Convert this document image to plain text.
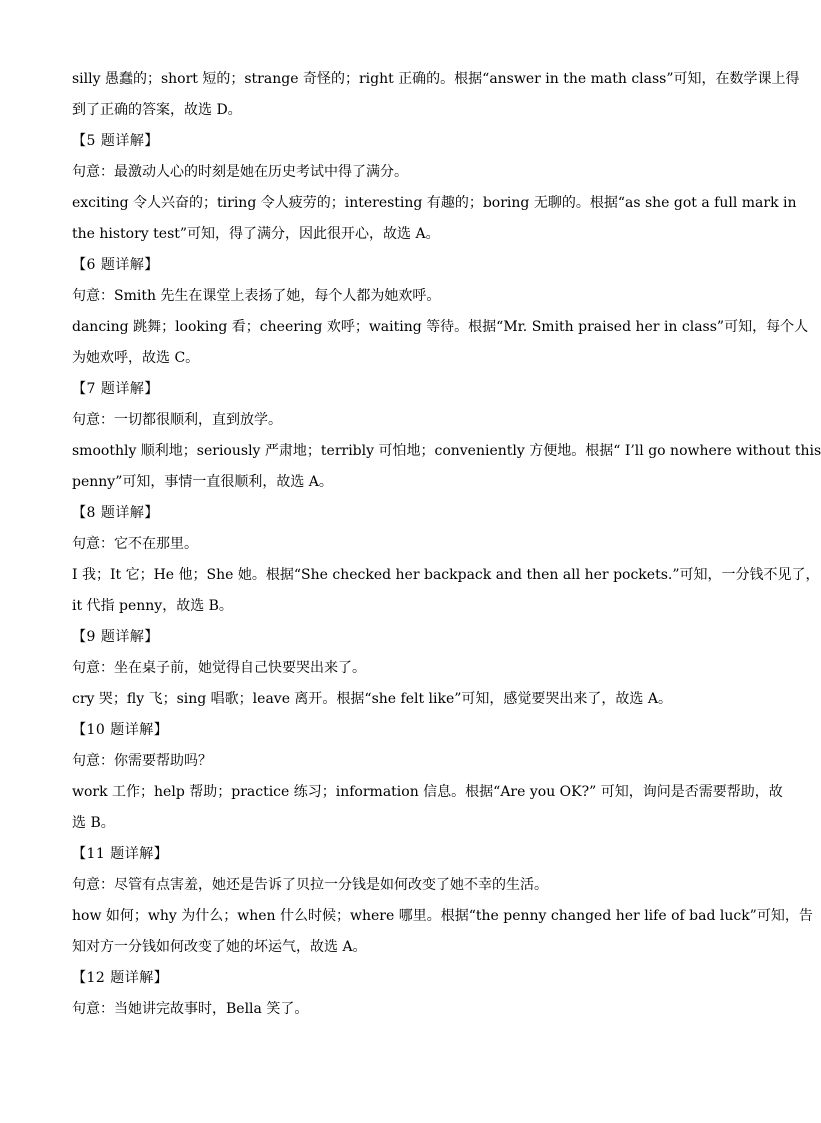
silly 愚蠢的；short 短的；strange 奇怪的；right 正确的。根据“answer in the math class”可知，在数学课上得
到了正确的答案，故选 D。
【5 题详解】
句意：最激动人心的时刻是她在历史考试中得了满分。
exciting 令人兴奋的；tiring 令人疲劳的；interesting 有趣的；boring 无聊的。根据“as she got a full mark in
the history test”可知，得了满分，因此很开心，故选 A。
【6 题详解】
句意：Smith 先生在课堂上表扬了她，每个人都为她欢呼。
dancing 跳舞；looking 看；cheering 欢呼；waiting 等待。根据“Mr. Smith praised her in class”可知，每个人
为她欢呼，故选 C。
【7 题详解】
句意：一切都很顺利，直到放学。
smoothly 顺利地；seriously 严肃地；terribly 可怕地；conveniently 方便地。根据“ I’ll go nowhere without this
penny”可知，事情一直很顺利，故选 A。
【8 题详解】
句意：它不在那里。
I 我；It 它；He 他；She 她。根据“She checked her backpack and then all her pockets.”可知，一分钱不见了，
it 代指 penny，故选 B。
【9 题详解】
句意：坐在桌子前，她觉得自己快要哭出来了。
cry 哭；fly 飞；sing 唱歌；leave 离开。根据“she felt like”可知，感觉要哭出来了，故选 A。
【10 题详解】
句意：你需要帮助吗？
work 工作；help 帮助；practice 练习；information 信息。根据“Are you OK?” 可知，询问是否需要帮助，故
选 B。
【11 题详解】
句意：尽管有点害羞，她还是告诉了贝拉一分钱是如何改变了她不幸的生活。
how 如何；why 为什么；when 什么时候；where 哪里。根据“the penny changed her life of bad luck”可知，告
知对方一分钱如何改变了她的坏运气，故选 A。
【12 题详解】
句意：当她讲完故事时，Bella 笑了。
